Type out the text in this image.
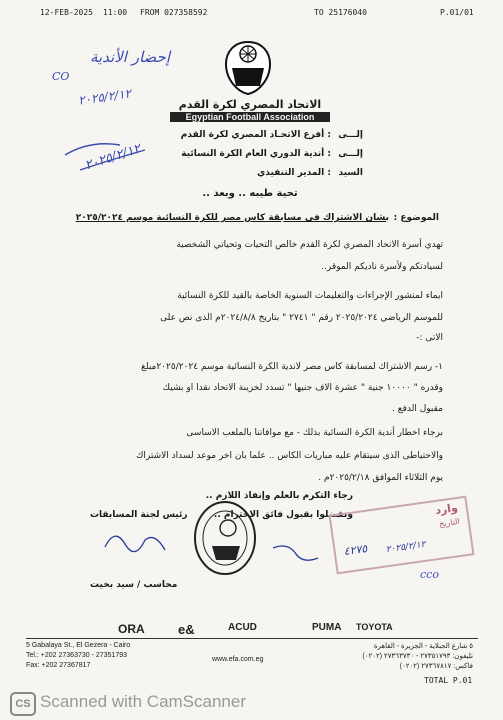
12-FEB-2025 11:00 FROM 027358592	TO 25176040	P.01/01
إحضار الأندية
CO
٢٠٢٥/٢/١٢
٢٠٢٥/٢/١٢
الاتحاد المصري لكرة القدم
Egyptian Football Association
إلـــى
: أفرع الاتحـاد المصري لكرة القدم
إلـــى
: أندية الدوري العام الكرة النسائية
السيد
: المدير التنفيذي
تحية طيبه .. وبعد ..
الموضوع :
بشان الاشتراك فى مسابقة كاس مصر للكرة النسائية موسم ٢٠٢٥/٢٠٢٤
تهدي أسرة الاتحاد المصري لكرة القدم خالص التحيات وتحياتي الشخصية
لسيادتكم ولأسرة ناديكم الموقر..
ايماء لمنشور الإجراءات والتعليمات السنوية الخاصة بالقيد للكرة النسائية
للموسم الرياضي ٢٠٢٥/٢٠٢٤ رقم " ٢٧٤١ " بتاريخ ٢٠٢٤/٨/٨م الذى نص على
الاتى :-
١- رسم الاشتراك لمسابقة كاس مصر لاندية الكرة النسائية موسم ٢٠٢٥/٢٠٢٤مبلغ
وقدره " ١٠٠٠٠ جنية " عشرة الاف جنيها " تسدد لخزينة الاتحاد نقدا او بشيك
مقبول الدفع .
برجاء اخطار أندية الكرة النسائية بذلك - مع موافاتنا بالملعب الاساسى
والاحتياطى الذى سيتقام عليه مباريات الكاس .. علما بان اخر موعد لسداد الاشتراك
يوم الثلاثاء الموافق ٢٠٢٥/٢/١٨م .
رجاء التكرم بالعلم وإنفاذ اللازم ..
وتفضلوا بقبول فائق الاحترام ..
رئيس لجنة المسابقات
محاسب / سيد بخيت
وارد
التاريخ
٤٢٧٥ ٢٠٢٥/٢/١٢
cco
ORA	e&	ACUD	PUMA TOYOTA
5 Gabalaya St., El Gezera - Cairo
Tel.: +202 27363730 - 27351793
Fax: +202 27367817
www.efa.com.eg
٥ شارع الجبلاية - الجزيرة - القاهرة
تليفون: ٢٧٣٥١٧٩٣ - ٢٧٣٦٣٧٣٠ (٠٢٠٢)
فاكس: ٢٧٣٦٧٨١٧ (٠٢٠٢)
TOTAL P.01
CS Scanned with CamScanner
